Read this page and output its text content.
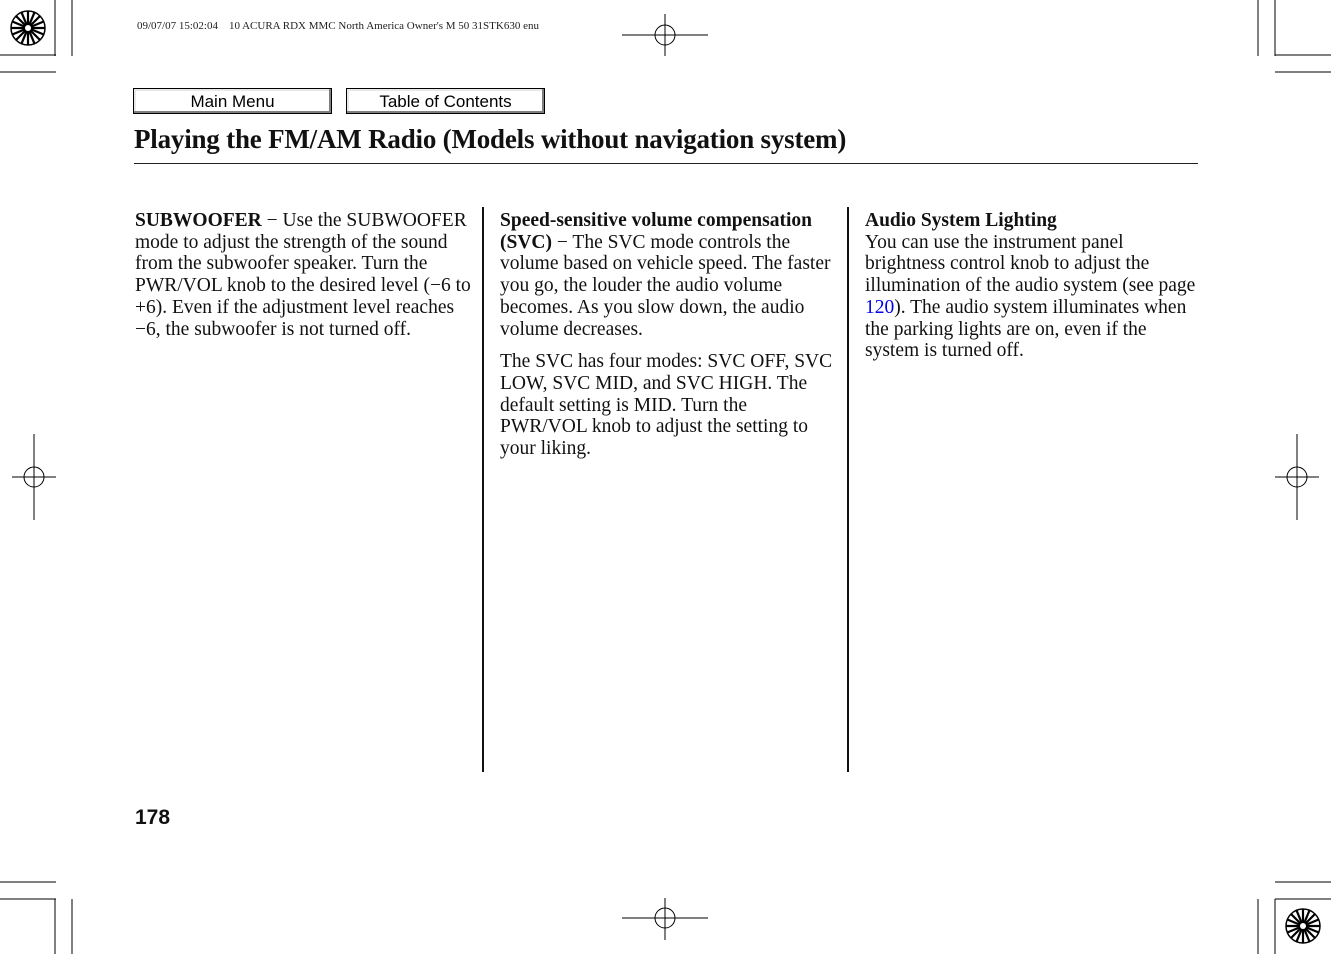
09/07/07 15:02:04    10 ACURA RDX MMC North America Owner's M 50 31STK630 enu
Main Menu	Table of Contents
Playing the FM/AM Radio (Models without navigation system)

SUBWOOFER − Use the SUBWOOFER mode to adjust the strength of the sound from the subwoofer speaker. Turn the PWR/VOL knob to the desired level (−6 to +6). Even if the adjustment level reaches −6, the subwoofer is not turned off.

Speed-sensitive volume compensation (SVC) − The SVC mode controls the volume based on vehicle speed. The faster you go, the louder the audio volume becomes. As you slow down, the audio volume decreases.

The SVC has four modes: SVC OFF, SVC LOW, SVC MID, and SVC HIGH. The default setting is MID. Turn the PWR/VOL knob to adjust the setting to your liking.

Audio System Lighting

You can use the instrument panel brightness control knob to adjust the illumination of the audio system (see page 120). The audio system illuminates when the parking lights are on, even if the system is turned off.

178
